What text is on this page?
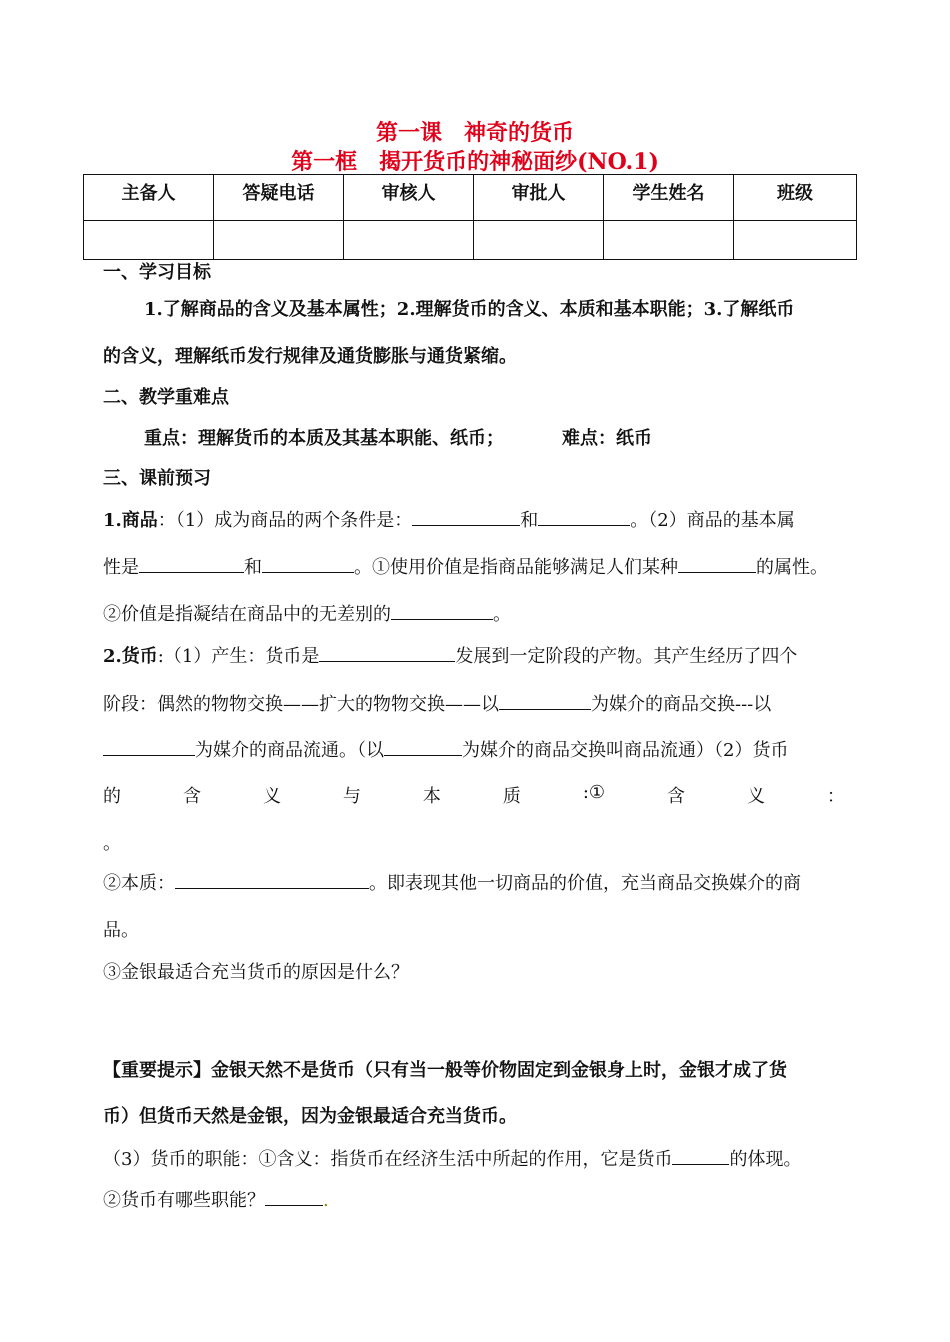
第一课　神奇的货币
第一框　揭开货币的神秘面纱(NO.1)
主备人	答疑电话	审核人	审批人	学生姓名	班级

一、学习目标
1.了解商品的含义及基本属性；2.理解货币的含义、本质和基本职能；3.了解纸币
的含义，理解纸币发行规律及通货膨胀与通货紧缩。
二、教学重难点
重点：理解货币的本质及其基本职能、纸币；	难点：纸币
三、课前预习
1.商品：（1）成为商品的两个条件是：	和	。（2）商品的基本属
性是	和	。①使用价值是指商品能够满足人们某种	的属性。
②价值是指凝结在商品中的无差别的	。
2.货币:（1）产生：货币是	发展到一定阶段的产物。其产生经历了四个
阶段：偶然的物物交换——扩大的物物交换——以	为媒介的商品交换---以
为媒介的商品流通。（以	为媒介的商品交换叫商品流通）（2）货币
的	含	义	与	本	质	:①	含	义	：
。
②本质：	。即表现其他一切商品的价值，充当商品交换媒介的商
品。
③金银最适合充当货币的原因是什么？
【重要提示】金银天然不是货币（只有当一般等价物固定到金银身上时，金银才成了货
币）但货币天然是金银，因为金银最适合充当货币。
（3）货币的职能：①含义：指货币在经济生活中所起的作用，它是货币	的体现。
②货币有哪些职能？	.
